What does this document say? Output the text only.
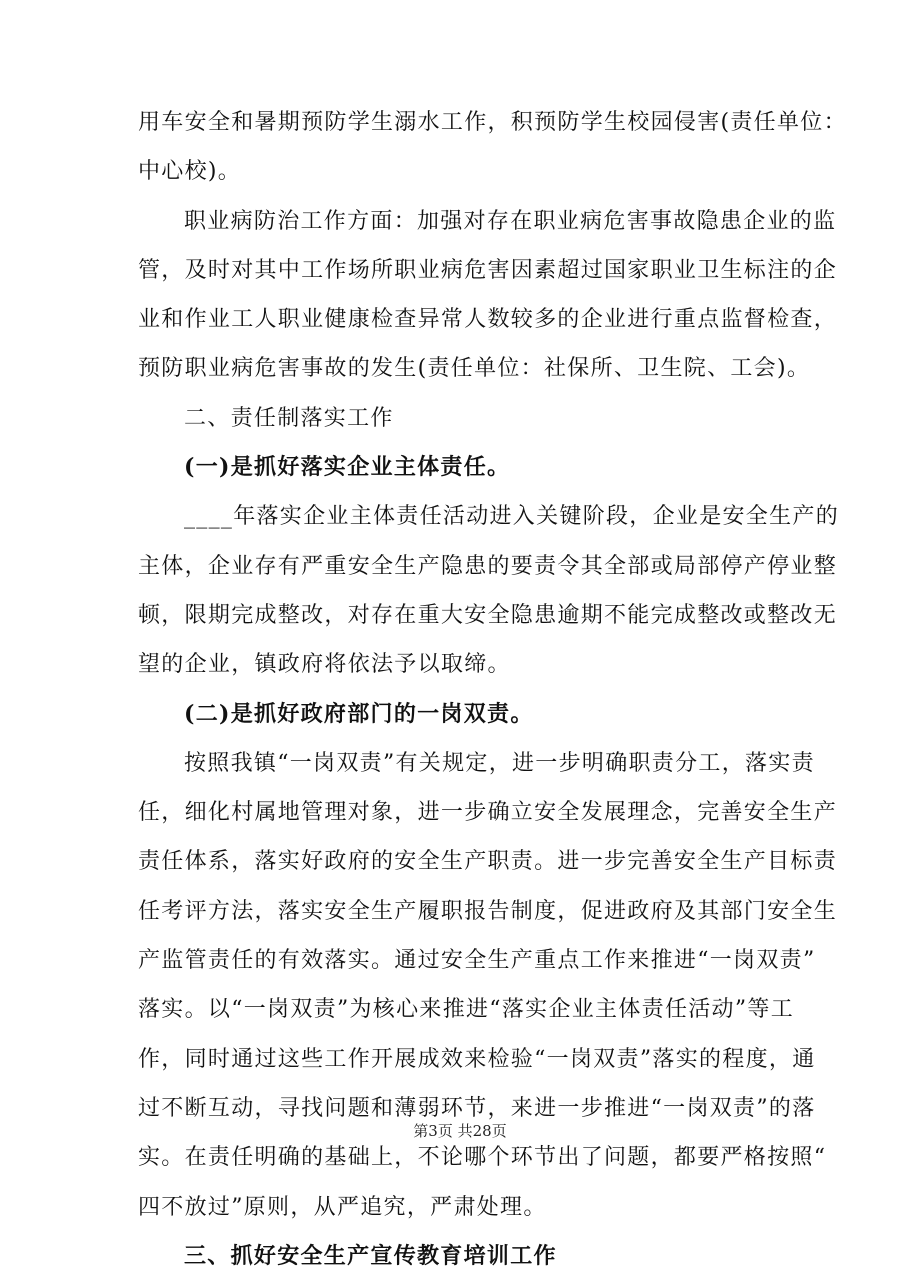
用车安全和暑期预防学生溺水工作，积预防学生校园侵害(责任单位：
中心校)。
职业病防治工作方面：加强对存在职业病危害事故隐患企业的监
管，及时对其中工作场所职业病危害因素超过国家职业卫生标注的企
业和作业工人职业健康检查异常人数较多的企业进行重点监督检查，
预防职业病危害事故的发生(责任单位：社保所、卫生院、工会)。
二、责任制落实工作
(一)是抓好落实企业主体责任。
____年落实企业主体责任活动进入关键阶段，企业是安全生产的
主体，企业存有严重安全生产隐患的要责令其全部或局部停产停业整
顿，限期完成整改，对存在重大安全隐患逾期不能完成整改或整改无
望的企业，镇政府将依法予以取缔。
(二)是抓好政府部门的一岗双责。
按照我镇“一岗双责”有关规定，进一步明确职责分工，落实责
任，细化村属地管理对象，进一步确立安全发展理念，完善安全生产
责任体系，落实好政府的安全生产职责。进一步完善安全生产目标责
任考评方法，落实安全生产履职报告制度，促进政府及其部门安全生
产监管责任的有效落实。通过安全生产重点工作来推进“一岗双责”
落实。以“一岗双责”为核心来推进“落实企业主体责任活动”等工
作，同时通过这些工作开展成效来检验“一岗双责”落实的程度，通
过不断互动，寻找问题和薄弱环节，来进一步推进“一岗双责”的落
实。在责任明确的基础上，不论哪个环节出了问题，都要严格按照“
四不放过”原则，从严追究，严肃处理。
三、抓好安全生产宣传教育培训工作
第3页 共28页
